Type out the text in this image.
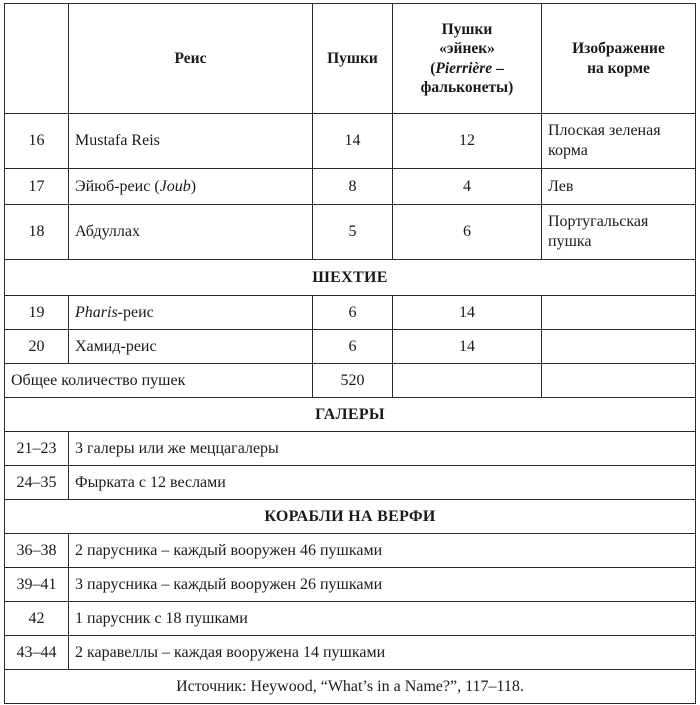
	Реис	Пушки	Пушки
«эйнек»
(Pierrière –
фальконеты)	Изображение
на корме
16	Mustafa Reis	14	12	Плоская зеленая корма
17	Эйюб-реис (Joub)	8	4	Лев
18	Абдуллах	5	6	Португальская пушка
ШЕХТИЕ				
19	Pharis-реис	6	14	
20	Хамид-реис	6	14	
Общее количество пушек		520		
ГАЛЕРЫ				
21–23	3 галеры или же меццагалеры			
24–35	Фырката с 12 веслами			
КОРАБЛИ НА ВЕРФИ				
36–38	2 парусника – каждый вооружен 46 пушками			
39–41	3 парусника – каждый вооружен 26 пушками			
42	1 парусник с 18 пушками			
43–44	2 каравеллы – каждая вооружена 14 пушками			
Источник: Heywood, “What’s in a Name?”, 117–118.				
